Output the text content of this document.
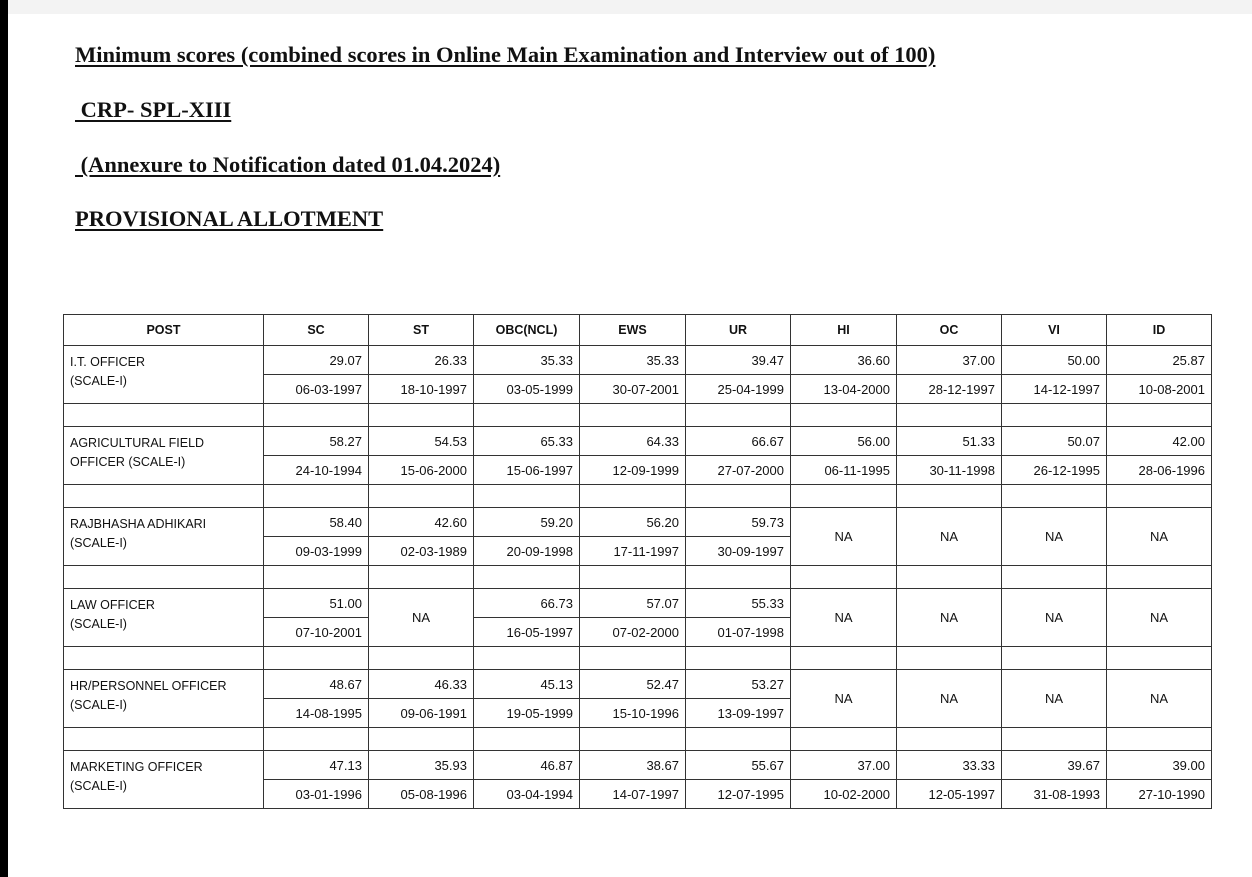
Minimum scores (combined scores in Online Main Examination and Interview out of 100)
CRP- SPL-XIII
(Annexure to Notification dated 01.04.2024)
PROVISIONAL ALLOTMENT
POST	SC	ST	OBC(NCL)	EWS	UR	HI	OC	VI	ID

I.T. OFFICER
(SCALE-I)	29.07	26.33	35.33	35.33	39.47	36.60	37.00	50.00	25.87
	06-03-1997	18-10-1997	03-05-1999	30-07-2001	25-04-1999	13-04-2000	28-12-1997	14-12-1997	10-08-2001

AGRICULTURAL FIELD
OFFICER (SCALE-I)	58.27	54.53	65.33	64.33	66.67	56.00	51.33	50.07	42.00
	24-10-1994	15-06-2000	15-06-1997	12-09-1999	27-07-2000	06-11-1995	30-11-1998	26-12-1995	28-06-1996

RAJBHASHA ADHIKARI
(SCALE-I)	58.40	42.60	59.20	56.20	59.73	NA	NA	NA	NA
	09-03-1999	02-03-1989	20-09-1998	17-11-1997	30-09-1997				

LAW OFFICER
(SCALE-I)	51.00	NA	66.73	57.07	55.33	NA	NA	NA	NA
	07-10-2001		16-05-1997	07-02-2000	01-07-1998				

HR/PERSONNEL OFFICER
(SCALE-I)	48.67	46.33	45.13	52.47	53.27	NA	NA	NA	NA
	14-08-1995	09-06-1991	19-05-1999	15-10-1996	13-09-1997				

MARKETING OFFICER
(SCALE-I)	47.13	35.93	46.87	38.67	55.67	37.00	33.33	39.67	39.00
	03-01-1996	05-08-1996	03-04-1994	14-07-1997	12-07-1995	10-02-2000	12-05-1997	31-08-1993	27-10-1990
